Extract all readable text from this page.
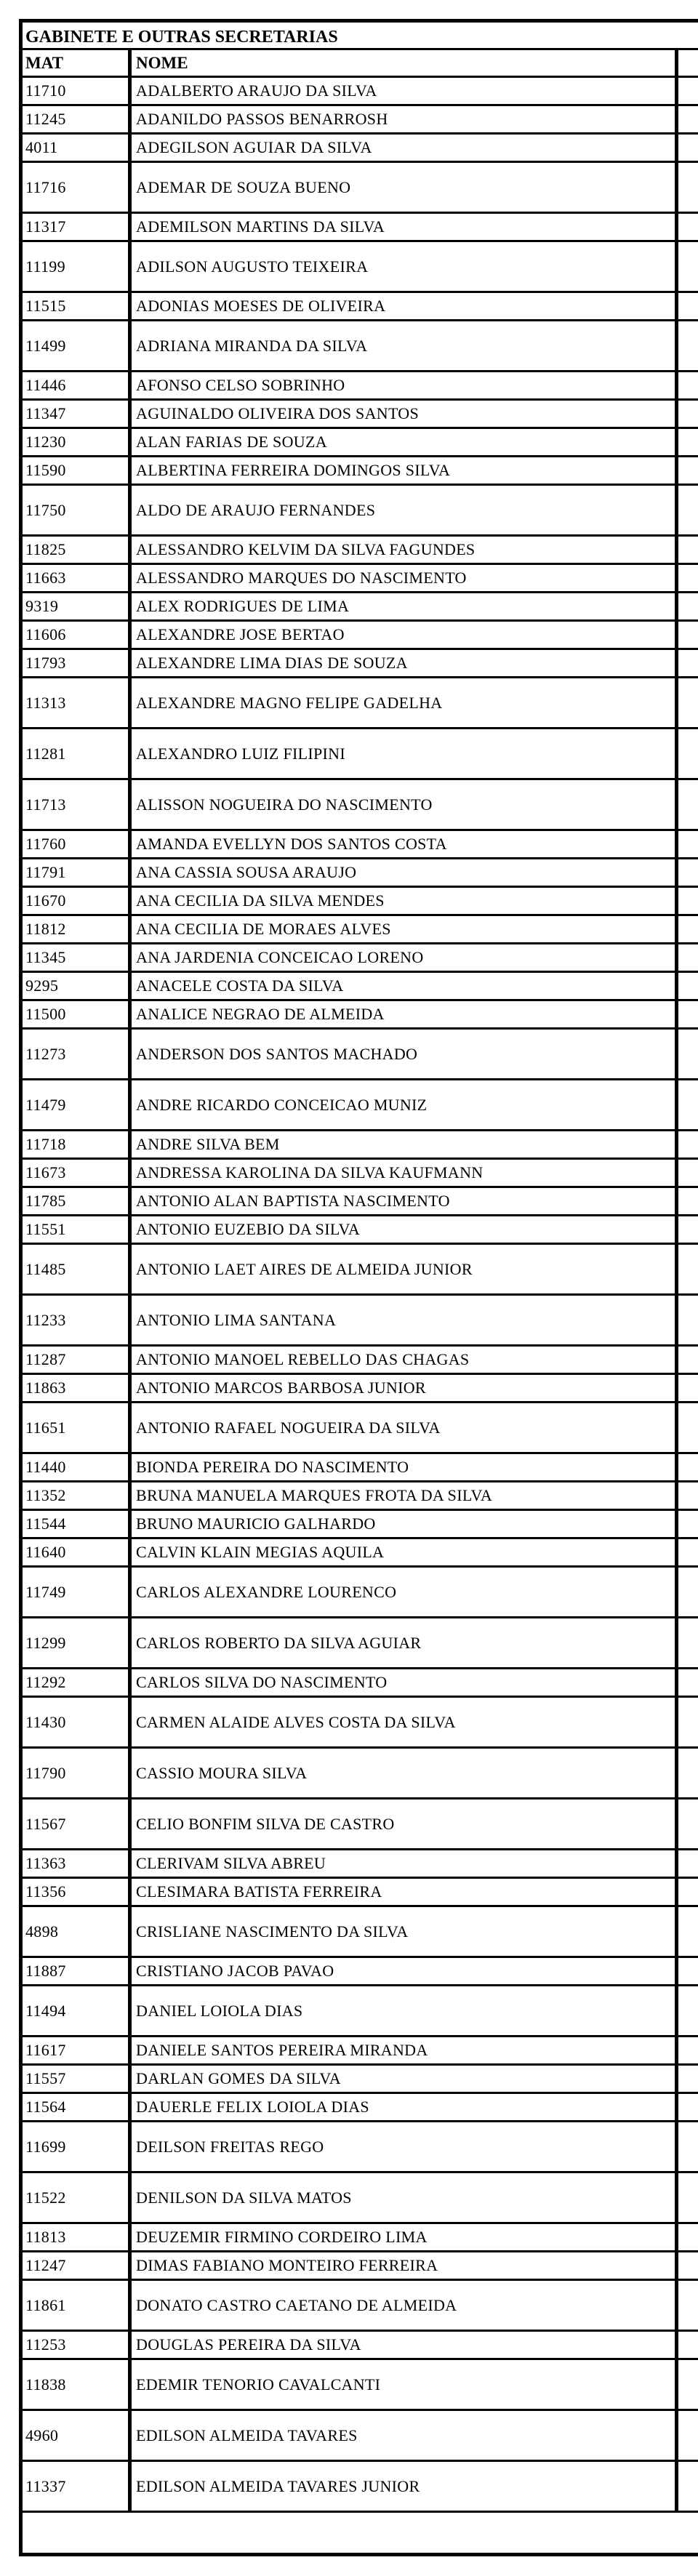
GABINETE E OUTRAS SECRETARIAS
MAT	NOME
11710	ADALBERTO ARAUJO DA SILVA
11245	ADANILDO PASSOS BENARROSH
4011	ADEGILSON AGUIAR DA SILVA
11716	ADEMAR DE SOUZA BUENO
11317	ADEMILSON MARTINS DA SILVA
11199	ADILSON AUGUSTO TEIXEIRA
11515	ADONIAS MOESES DE OLIVEIRA
11499	ADRIANA MIRANDA DA SILVA
11446	AFONSO CELSO SOBRINHO
11347	AGUINALDO OLIVEIRA DOS SANTOS
11230	ALAN FARIAS DE SOUZA
11590	ALBERTINA FERREIRA DOMINGOS SILVA
11750	ALDO DE ARAUJO FERNANDES
11825	ALESSANDRO KELVIM DA SILVA FAGUNDES
11663	ALESSANDRO MARQUES DO NASCIMENTO
9319	ALEX RODRIGUES DE LIMA
11606	ALEXANDRE JOSE BERTAO
11793	ALEXANDRE LIMA DIAS DE SOUZA
11313	ALEXANDRE MAGNO FELIPE GADELHA
11281	ALEXANDRO LUIZ FILIPINI
11713	ALISSON NOGUEIRA DO NASCIMENTO
11760	AMANDA EVELLYN DOS SANTOS COSTA
11791	ANA CASSIA SOUSA ARAUJO
11670	ANA CECILIA DA SILVA MENDES
11812	ANA CECILIA DE MORAES ALVES
11345	ANA JARDENIA CONCEICAO LORENO
9295	ANACELE COSTA DA SILVA
11500	ANALICE NEGRAO DE ALMEIDA
11273	ANDERSON DOS SANTOS MACHADO
11479	ANDRE RICARDO CONCEICAO MUNIZ
11718	ANDRE SILVA BEM
11673	ANDRESSA KAROLINA DA SILVA KAUFMANN
11785	ANTONIO ALAN BAPTISTA NASCIMENTO
11551	ANTONIO EUZEBIO DA SILVA
11485	ANTONIO LAET AIRES DE ALMEIDA JUNIOR
11233	ANTONIO LIMA SANTANA
11287	ANTONIO MANOEL REBELLO DAS CHAGAS
11863	ANTONIO MARCOS BARBOSA JUNIOR
11651	ANTONIO RAFAEL NOGUEIRA DA SILVA
11440	BIONDA PEREIRA DO NASCIMENTO
11352	BRUNA MANUELA MARQUES FROTA DA SILVA
11544	BRUNO MAURICIO GALHARDO
11640	CALVIN KLAIN MEGIAS AQUILA
11749	CARLOS ALEXANDRE LOURENCO
11299	CARLOS ROBERTO DA SILVA AGUIAR
11292	CARLOS SILVA DO NASCIMENTO
11430	CARMEN ALAIDE ALVES COSTA DA SILVA
11790	CASSIO MOURA SILVA
11567	CELIO BONFIM SILVA DE CASTRO
11363	CLERIVAM SILVA ABREU
11356	CLESIMARA BATISTA FERREIRA
4898	CRISLIANE NASCIMENTO DA SILVA
11887	CRISTIANO JACOB PAVAO
11494	DANIEL LOIOLA DIAS
11617	DANIELE SANTOS PEREIRA MIRANDA
11557	DARLAN GOMES DA SILVA
11564	DAUERLE FELIX LOIOLA DIAS
11699	DEILSON FREITAS REGO
11522	DENILSON DA SILVA MATOS
11813	DEUZEMIR FIRMINO CORDEIRO LIMA
11247	DIMAS FABIANO MONTEIRO FERREIRA
11861	DONATO CASTRO CAETANO DE ALMEIDA
11253	DOUGLAS PEREIRA DA SILVA
11838	EDEMIR TENORIO CAVALCANTI
4960	EDILSON ALMEIDA TAVARES
11337	EDILSON ALMEIDA TAVARES JUNIOR
